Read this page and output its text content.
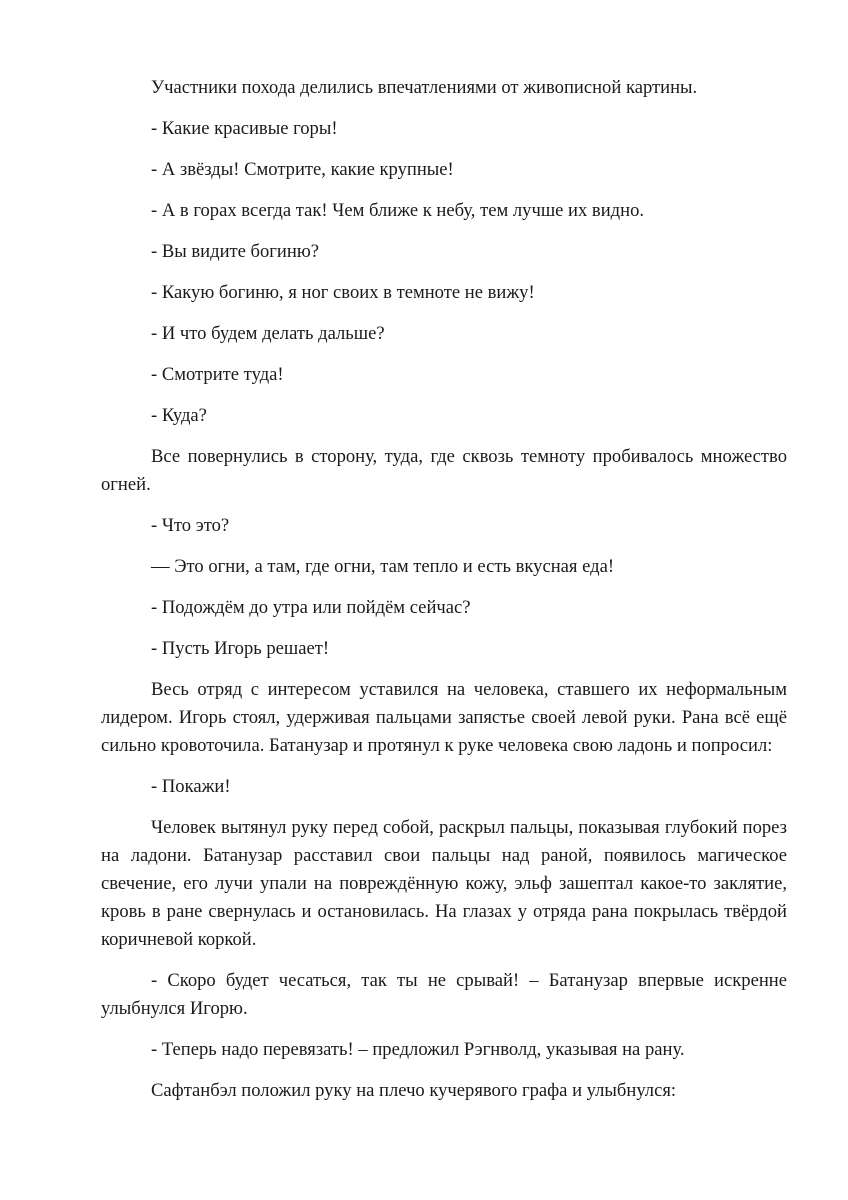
Участники похода делились впечатлениями от живописной картины.

- Какие красивые горы!

- А звёзды! Смотрите, какие крупные!

- А в горах всегда так! Чем ближе к небу, тем лучше их видно.

- Вы видите богиню?

- Какую богиню, я ног своих в темноте не вижу!

- И что будем делать дальше?

- Смотрите туда!

- Куда?

Все повернулись в сторону, туда, где сквозь темноту пробивалось множество огней.

- Что это?

— Это огни, а там, где огни, там тепло и есть вкусная еда!

- Подождём до утра или пойдём сейчас?

- Пусть Игорь решает!

Весь отряд с интересом уставился на человека, ставшего их неформальным лидером. Игорь стоял, удерживая пальцами запястье своей левой руки. Рана всё ещё сильно кровоточила. Батанузар и протянул к руке человека свою ладонь и попросил:

- Покажи!

Человек вытянул руку перед собой, раскрыл пальцы, показывая глубокий порез на ладони. Батанузар расставил свои пальцы над раной, появилось магическое свечение, его лучи упали на повреждённую кожу, эльф зашептал какое-то заклятие, кровь в ране свернулась и остановилась. На глазах у отряда рана покрылась твёрдой коричневой коркой.

- Скоро будет чесаться, так ты не срывай! – Батанузар впервые искренне улыбнулся Игорю.

- Теперь надо перевязать! – предложил Рэгнволд, указывая на рану.

Сафтанбэл положил руку на плечо кучерявого графа и улыбнулся:
